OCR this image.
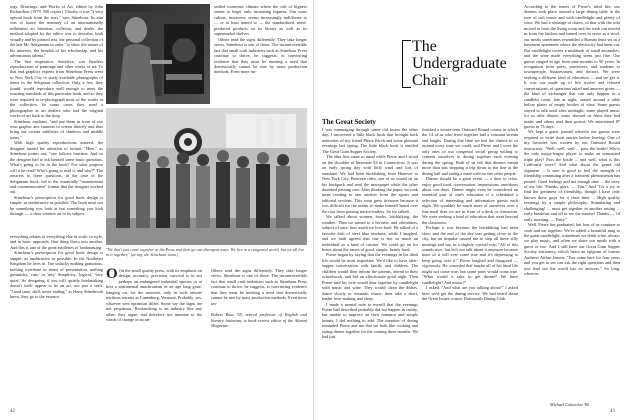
togs, Drawings, and Works of Art, edited by John Richardson (1979, 500 copies). Clearly, it was "a very special book from the start," says Stinehour. Its aim was to honor the memory of an internationally influential art historian, collector, and dealer, the method adopted by the editor was to describe, both visually and by printed text, the personal collection of the late Mr. Seligmann in order "to show the nature of his interests, the breadth of his scholarship, and his adventurous talents."

The first imperative, therefore, was flawless reproductions of paintings and other works of art. To that end graphics experts from Stinehour Press went to New York City to study available photographs of items in the Seligman collection. Only a few, they found, would reproduce well enough to meet the exacting standards of this particular book, and so they were required to re-photograph most of the works in the collection. In some cases they used a photographer at art dealers who had the original works of art back to the shop.

Stinehour explains, "and put them in front of our own graphic arts cameras to screen directly and thus bring out certain subtleties of shadows and middle tones."

With high quality reproductions assured, the designer turned his attention to format. "Here," as Stinehour points out, "one follows function. And so the designer had to ask himself some basic questions. What's going to be in the book? For what purpose will it be read? Who's going to read it, and why?" The answers to these questions, in the case of the Seligmann book, led to the essentially "monumental and commemorative" format that the designer worked out.

Stinehour's prescription for good book design is simple: as unobtrusive as possible. The book must not be something you look at but something you look through — a clear window on to its subject.

settled economic climate where the cult of bigness seems to beget only increasing bigness. Our mass culture, moreover, seems increasingly indifferent to — or at least inured to — the standardized, mass-produced products on its library as well as its supermarket shelves.

Others read the signs differently. They take longer views. Stinehour is one of those. The incontrovertible fact that small craft industries such as Stinehour Press continue to thrive, he suggests, is convincing evidence that they must be meeting a need that domestically cannot be met by mass production methods. Even more im-

"We don't just come together at the Press and then go our divergent ways. We live in a congenial world, but we all live in it together," (at top, the Stinehour team.)

everything relates to everything else in scale, in style, and in basic approach. One thing flows into another. And this is one of the great subtleties of bookmaking.

Stinehour's prescription for good book design is simple, as unobtrusive as possible. In the Northeast Kingdom he lives in. The unlucky nothing gratuitous, nothing overdone in terms of presentation, nothing gimmicky, 'cute,' or 'arty.' Simplicity, 'logical,' 'very quiet.' So designing, if you will, quietly bookmaking doesn't itself appear to be an art, not just a craft. "Good taste, skill, never ending," as Harry Stinebrook knew, they go to the essence.

O On the small quality press, with its emphasis on design, accuracy, precision, survival is in not perhaps an endangered industrial species or at best a sentimental anachronism in an age long gone, hanging on, for the moment, only in such remote northern retreats as Lunenburg, Vermont. Probably, yes, whoever sees optimism differ. Some say the signs are not propitious. Bookmaking is an industry like any other, they argue, and therefore not immune to the winds of change in an un-

Others read the signs differently. They take longer views. Stinehour is one of those. The incontrovertible fact that small craft industries such as Stinehour Press continue to thrive, he suggests, is convincing evidence that they must be meeting a need that domestically cannot be met by mass production methods. Even more im-

Robert Ross '38, retired professor of English and literary historian, is book review editor of the Alumni Magazine.

42
The
Undergraduate
Chair
The Great Society

I was rummaging through some old boxes the other day, I uncovered a little black book that brought back memories of my friend Pierre Kirch and some pleasant evenings last spring. The little black book is entitled The Great Gum Supper Society.

The idea first came to mind while Pierre and I stood on the shoulder of Interstate 84 in Connecticut. It was an early spring day with little wind and lots of sunshine. We had been hitchhiking from Hanover to New York City. Between rides, one of us would sit on his backpack and read the newspaper while the other thumbed passing cars. After thinking the paper, we took turns reading to one another from the sports and editorial sections. This soon grew tiresome because it was difficult for the reader to make himself heard over the roar from passing tractor-trailers. So we talked.

We talked about women, books, hitchhiking, the weather. Then we turned to a favorite, and oftentimes, subject of ours: how much we love food. He talked of a favorite dish of steel blue sea-bass, while I laughed, and we both agreed that one is not so much an individual as a kind of cuisine. We could go on for hours about the eaters of good, simple, hearty food.

Pierre began by saying that the evenings in his ideal life would be most important. We'd like to have after-supper conversation with family and children. The children would then inform the parents, attend to their schoolwork, and bid an affectionate good night. Then Pierre said his wife would dine together by candlelight with music and wine. They would clean the dishes, dance slowly to romantic music, then take a short, tender love-making and sleep.

I made a mental note to myself that the evenings Pierre had described probably did not happen in reality, but unable to improve on their romance and simple beauty, I did nothing to add. The mention of dining reminded Pierre and me that we both like cooking and eating dinner together for the coming three months. We had just

finished a winter-term Outward Bound course in which the 14 of us who lived together had a constant stream and laughs. During that time we had the chance to sit around every time we could, and Pierre and I were the only ones of our congenial social group willing to commit ourselves to dining together each evening during the spring. Both of us felt that dinners meant more than just stopping a trip down to the line at the dining hall and eating a meal with no one other people.

Dinner should be a great event — a time to relax, enjoy good food, conversation, impressions, anecdotes about our days. Dinner might even be considered an essential part of one's education if a scheduled a selection of interesting and informative guests each night. We wouldn't be much more of ourselves over a fine meal than we are in front of a desk or classroom. We were seeking a kind of education that went beyond the classroom.

Perhaps it was because the hitchhiking had been slow, and the end of the day was getting close to the city, but an impulse caused me to stop all these silly musings and say, in a slightly cynical way, "All of this sounds nice, but let's not talk about it anymore because none of it will ever come true and it's depressing to keep going over it." Pierre laughed and disagreed — vigorously. He conceded that maybe all of his ideal life might not come true, but some parts would come true. "What would it take to get dinner? We have candlelight? And music?"

I asked. "And what are you talking about?" I asked him: we'd get the dining service. We had heard about the Great Issues course, Dartmouth Dining Club.

According to the tenets of Pierre's ideal life, our dinners took place around a large dining table in the tone of soft music and with candlelight and plenty of wine. We had a shortage of chairs, so that with the sofa moved in from the living room and the trash can moved in from the kitchen and turned over to serve as a stool, our meals sometimes resembled a Roman feast set in a basement apartment where the electricity had been cut. But candlelight covers a multitude of small anomalies, and the wine made everything seem just fine. Our guests ranged in age from nine months to 90 years. In occupation from poets, professors, and students to townspeople, businessmen, and doctors. We were seeking a different kind of education — and we got it. It was our made up of life stories and relaxed conversations, of questions asked and answers given — the kind of exchanges that can only happen in a candlelit room, late at night, seated around a table before plates of empty bottles of wine. Some guests stayed to talk until after midnight; some played music for us after dinner; some showed us films they had made; and others read their poems. We entertained 87 guests in 73 days.

We kept a guest journal wherein our guests were required to write short entries before leaving. One of my favorites was written by our Outward Bound instructors: "Well, well, well ... pass the bottle! Who's the only major-league player to make an unassisted triple play? Pass the bottle ... and well, what is this California wave? And what about the grand old Japanese ... It sure is good to feel the strength of friendship continuing after a transient phenomenon has passed. Good feelings and not enough time ... the story of my life. Thanks, guys. — Tim." And "It's a joy to find the greatness of friendship, though I have only known these guys for a short time ... High quality evenings by a simple philosophy. Stimulating and challenging! ... must get together in another setting ... early breakfast and off to see the sunrise! Thanks — 'til early morning. — Patty."

Well, Pierre has graduated, but four of us continue to cook and eat together. We've added a beautiful mug to the guest candlelight, sometimes we drink wine, always we play music, and often we share our meals with a guest or two. And I still have our Great Gum Supper Society stationery, which bears an epigram of former Amherst Arthur Jensen: "You come here for four years and you get to see can ask the right questions and then you find out the world has no answers." So long, whoever.

Michael Colacchio '80
43
